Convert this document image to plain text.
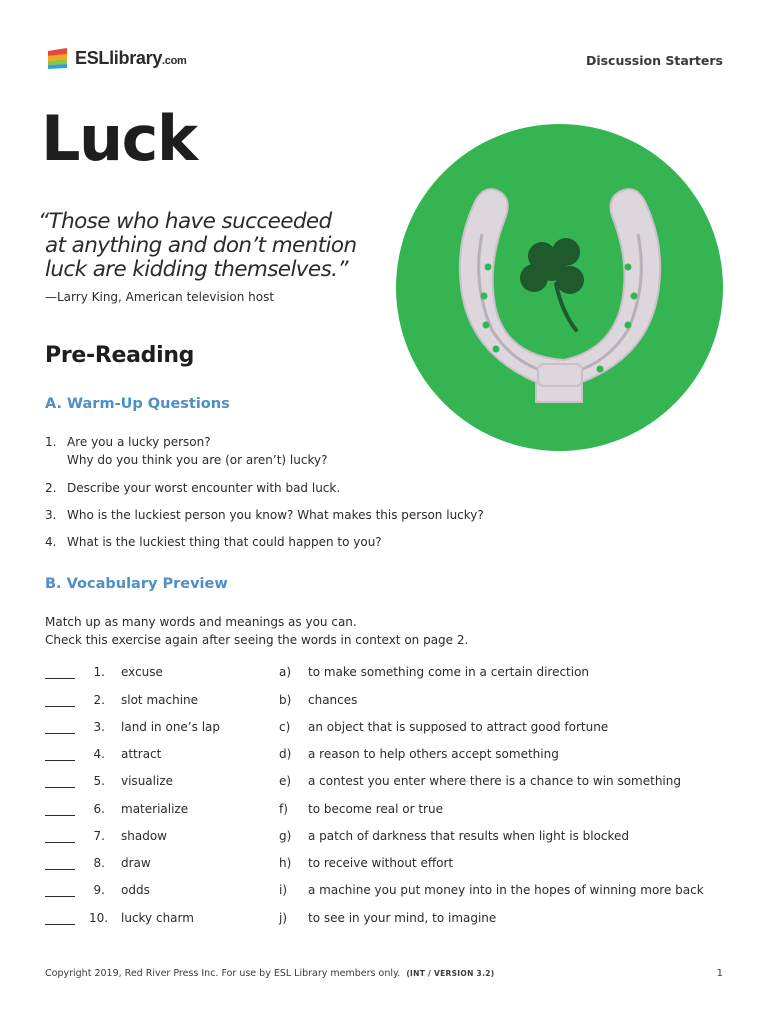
ESLlibrary.com	Discussion Starters
Luck
“Those who have succeeded
at anything and don’t mention
luck are kidding themselves.”
—Larry King, American television host
Pre-Reading
A. Warm-Up Questions
1. Are you a lucky person?
Why do you think you are (or aren’t) lucky?
2. Describe your worst encounter with bad luck.
3. Who is the luckiest person you know? What makes this person lucky?
4. What is the luckiest thing that could happen to you?
B. Vocabulary Preview
Match up as many words and meanings as you can.
Check this exercise again after seeing the words in context on page 2.
1. excuse	a) to make something come in a certain direction
2. slot machine	b) chances
3. land in one’s lap	c) an object that is supposed to attract good fortune
4. attract	d) a reason to help others accept something
5. visualize	e) a contest you enter where there is a chance to win something
6. materialize	f) to become real or true
7. shadow	g) a patch of darkness that results when light is blocked
8. draw	h) to receive without effort
9. odds	i) a machine you put money into in the hopes of winning more back
10. lucky charm	j) to see in your mind, to imagine
Copyright 2019, Red River Press Inc. For use by ESL Library members only. (INT / VERSION 3.2)	1
